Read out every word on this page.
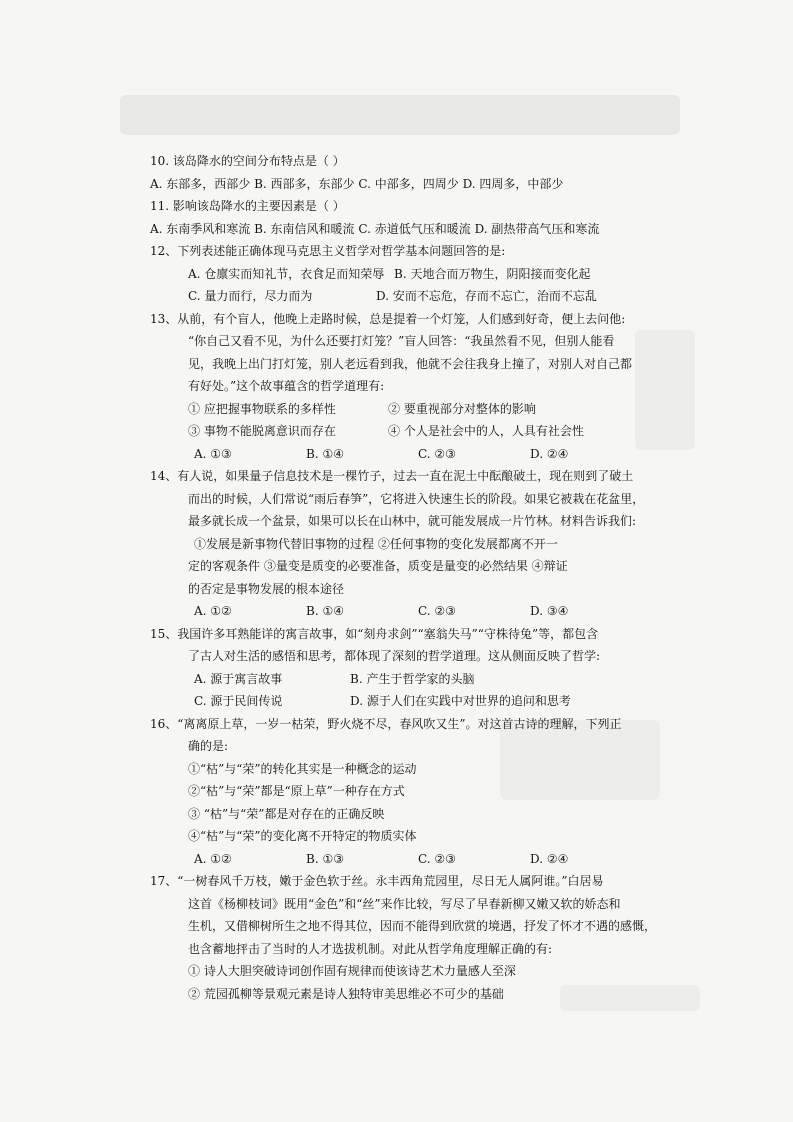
10. 该岛降水的空间分布特点是（ ）
A. 东部多，西部少 B. 西部多，东部少 C. 中部多，四周少 D. 四周多，中部少
11. 影响该岛降水的主要因素是（ ）
A. 东南季风和寒流 B. 东南信风和暖流 C. 赤道低气压和暖流 D. 副热带高气压和寒流
12、下列表述能正确体现马克思主义哲学对哲学基本问题回答的是:
A. 仓廪实而知礼节，衣食足而知荣辱 B. 天地合而万物生，阴阳接而变化起
C. 量力而行，尽力而为	D. 安而不忘危，存而不忘亡，治而不忘乱
13、从前，有个盲人，他晚上走路时候，总是提着一个灯笼，人们感到好奇，便上去问他:
“你自己又看不见，为什么还要打灯笼？”盲人回答：“我虽然看不见，但别人能看
见，我晚上出门打灯笼，别人老远看到我，他就不会往我身上撞了，对别人对自己都
有好处。”这个故事蕴含的哲学道理有:
① 应把握事物联系的多样性	② 要重视部分对整体的影响
③ 事物不能脱离意识而存在	④ 个人是社会中的人，人具有社会性
A. ①③	B. ①④	C. ②③	D. ②④
14、有人说，如果量子信息技术是一棵竹子，过去一直在泥土中酝酿破土，现在则到了破土
而出的时候，人们常说“雨后春笋”，它将进入快速生长的阶段。如果它被栽在花盆里，
最多就长成一个盆景，如果可以长在山林中，就可能发展成一片竹林。材料告诉我们:
①发展是新事物代替旧事物的过程 ②任何事物的变化发展都离不开一
定的客观条件 ③量变是质变的必要准备，质变是量变的必然结果 ④辩证
的否定是事物发展的根本途径
A. ①②	B. ①④	C. ②③	D. ③④
15、我国许多耳熟能详的寓言故事，如“刻舟求剑”“塞翁失马”“守株待兔”等，都包含
了古人对生活的感悟和思考，都体现了深刻的哲学道理。这从侧面反映了哲学:
A. 源于寓言故事	B. 产生于哲学家的头脑
C. 源于民间传说	D. 源于人们在实践中对世界的追问和思考
16、“离离原上草，一岁一枯荣，野火烧不尽，春风吹又生”。对这首古诗的理解，下列正
确的是:
①“枯”与“荣”的转化其实是一种概念的运动
②“枯”与“荣”都是“原上草”一种存在方式
③ “枯”与“荣”都是对存在的正确反映
④“枯”与“荣”的变化离不开特定的物质实体
A. ①②	B. ①③	C. ②③	D. ②④
17、“一树春风千万枝，嫩于金色软于丝。永丰西角荒园里，尽日无人属阿谁。”白居易
这首《杨柳枝词》既用“金色”和“丝”来作比较，写尽了早春新柳又嫩又软的娇态和
生机，又借柳树所生之地不得其位，因而不能得到欣赏的境遇，抒发了怀才不遇的感慨，
也含蓄地抨击了当时的人才选拔机制。对此从哲学角度理解正确的有:
① 诗人大胆突破诗词创作固有规律而使该诗艺术力量感人至深
② 荒园孤柳等景观元素是诗人独特审美思维必不可少的基础
